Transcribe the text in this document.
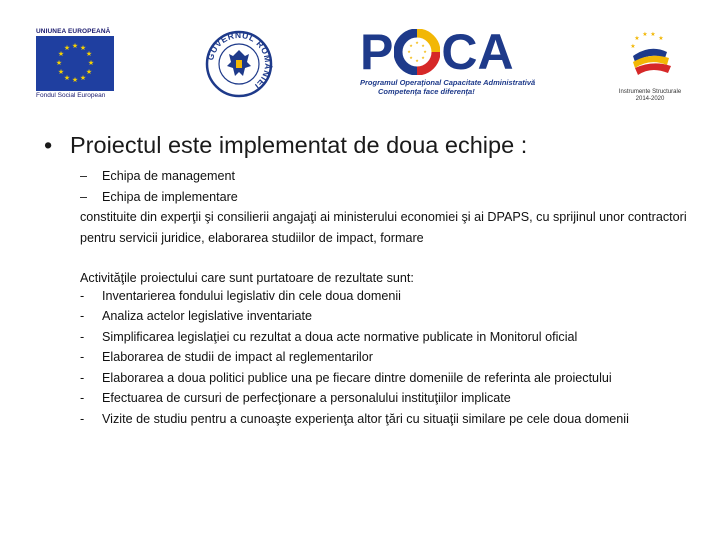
UNIUNEA EUROPEANĂ
★ ★
★
★
★
★
★
★
★
★
★
★
Fondul Social European
GUVERNUL ROMÂNIEI
P	★
★
★
★
★
★
★
★ CA
Programul Operaţional Capacitate Administrativă
Competenţa face diferenţa!
★
★ ★
★
★
Instrumente Structurale
2014-2020
• Proiectul este implementat de doua echipe :
–	Echipa de management
–	Echipa de implementare

constituite din experţii şi consilierii angajaţi ai ministerului economiei şi ai DPAPS, cu sprijinul unor contractori pentru servicii juridice, elaborarea studiilor de impact, formare

Activităţile proiectului care sunt purtatoare de rezultate sunt:
-	Inventarierea fondului legislativ din cele doua domenii
-	Analiza actelor legislative inventariate
-	Simplificarea legislaţiei cu rezultat a doua acte normative publicate in Monitorul oficial
-	Elaborarea de studii de impact al reglementarilor
-	Elaborarea a doua politici publice una pe fiecare dintre domeniile de referinta ale proiectului
-	Efectuarea de cursuri de perfecţionare a personalului instituţiilor implicate
-	Vizite de studiu pentru a cunoaşte experienţa altor ţări cu situaţii similare pe cele doua domenii
